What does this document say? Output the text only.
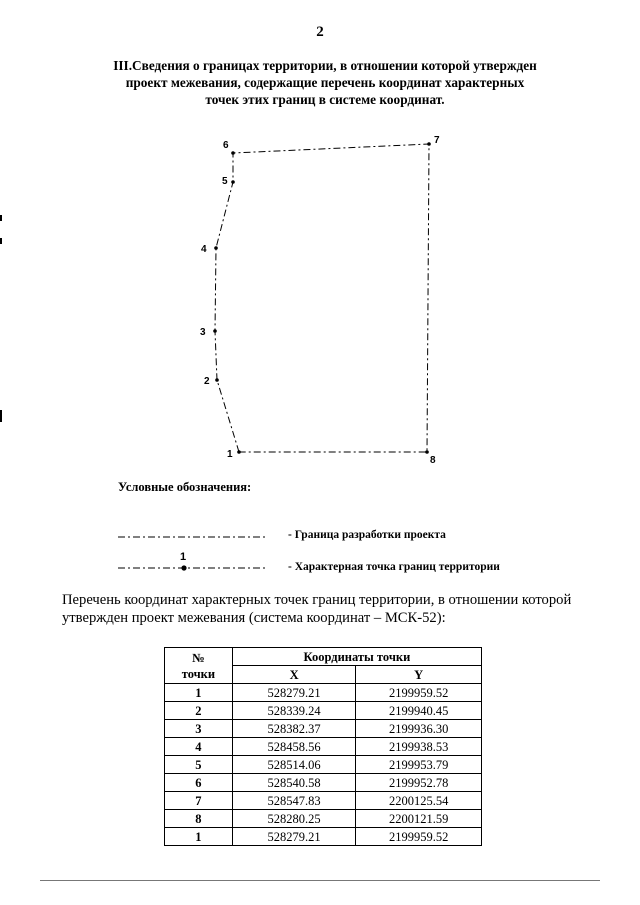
2
III.Сведения о границах территории, в отношении которой утвержден
проект межевания, содержащие перечень координат характерных
точек этих границ в системе координат.
1
2
3
4
5
6	7
8
Условные обозначения:
- Граница разработки проекта
1
- Характерная точка границ территории
Перечень координат характерных точек границ территории, в отношении которой
утвержден проект межевания (система координат – МСК-52):
№
точки	Координаты точки	
	X	Y
1	528279.21	2199959.52
2	528339.24	2199940.45
3	528382.37	2199936.30
4	528458.56	2199938.53
5	528514.06	2199953.79
6	528540.58	2199952.78
7	528547.83	2200125.54
8	528280.25	2200121.59
1	528279.21	2199959.52
